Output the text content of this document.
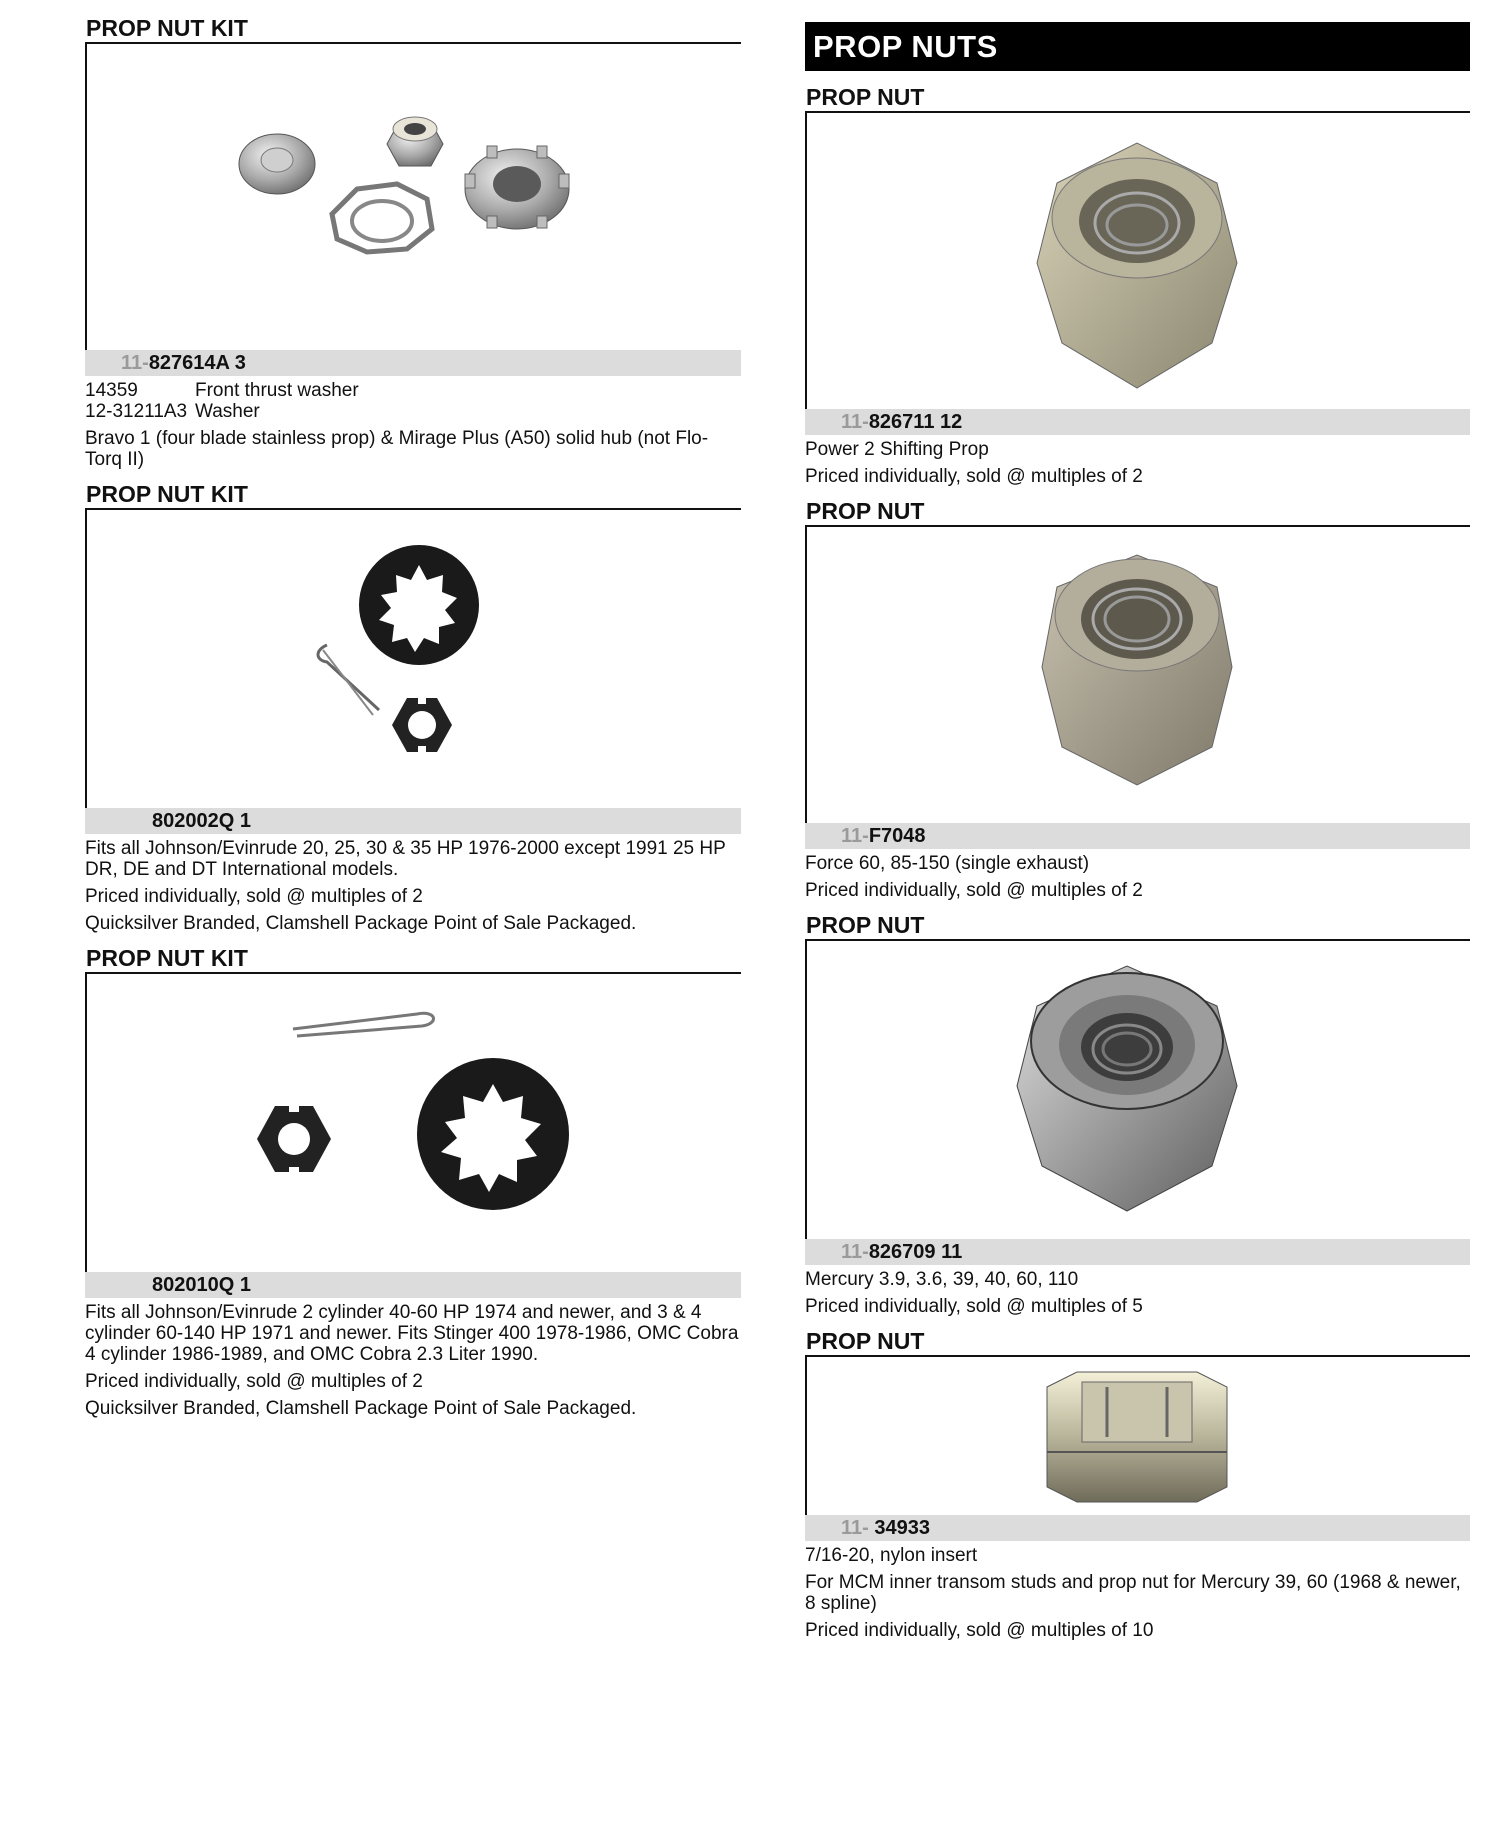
PROP NUT KIT
11-827614A 3
14359	Front thrust washer
12-31211A3 Washer
Bravo 1 (four blade stainless prop) & Mirage Plus (A50) solid hub (not Flo-Torq II)
PROP NUT KIT
802002Q 1
Fits all Johnson/Evinrude 20, 25, 30 & 35 HP 1976-2000 except 1991 25 HP DR, DE and DT International models.
Priced individually, sold @ multiples of 2
Quicksilver Branded, Clamshell Package Point of Sale Packaged.
PROP NUT KIT
802010Q 1
Fits all Johnson/Evinrude 2 cylinder 40-60 HP 1974 and newer, and 3 & 4 cylinder 60-140 HP 1971 and newer. Fits Stinger 400 1978-1986, OMC Cobra 4 cylinder 1986-1989, and OMC Cobra 2.3 Liter 1990.
Priced individually, sold @ multiples of 2
Quicksilver Branded, Clamshell Package Point of Sale Packaged.
PROP NUTS
PROP NUT
11-826711 12
Power 2 Shifting Prop
Priced individually, sold @ multiples of 2
PROP NUT
11-F7048
Force 60, 85-150 (single exhaust)
Priced individually, sold @ multiples of 2
PROP NUT
11-826709 11
Mercury 3.9, 3.6, 39, 40, 60, 110
Priced individually, sold @ multiples of 5
PROP NUT
11- 34933
7/16-20, nylon insert
For MCM inner transom studs and prop nut for Mercury 39, 60 (1968 & newer, 8 spline)
Priced individually, sold @ multiples of 10
